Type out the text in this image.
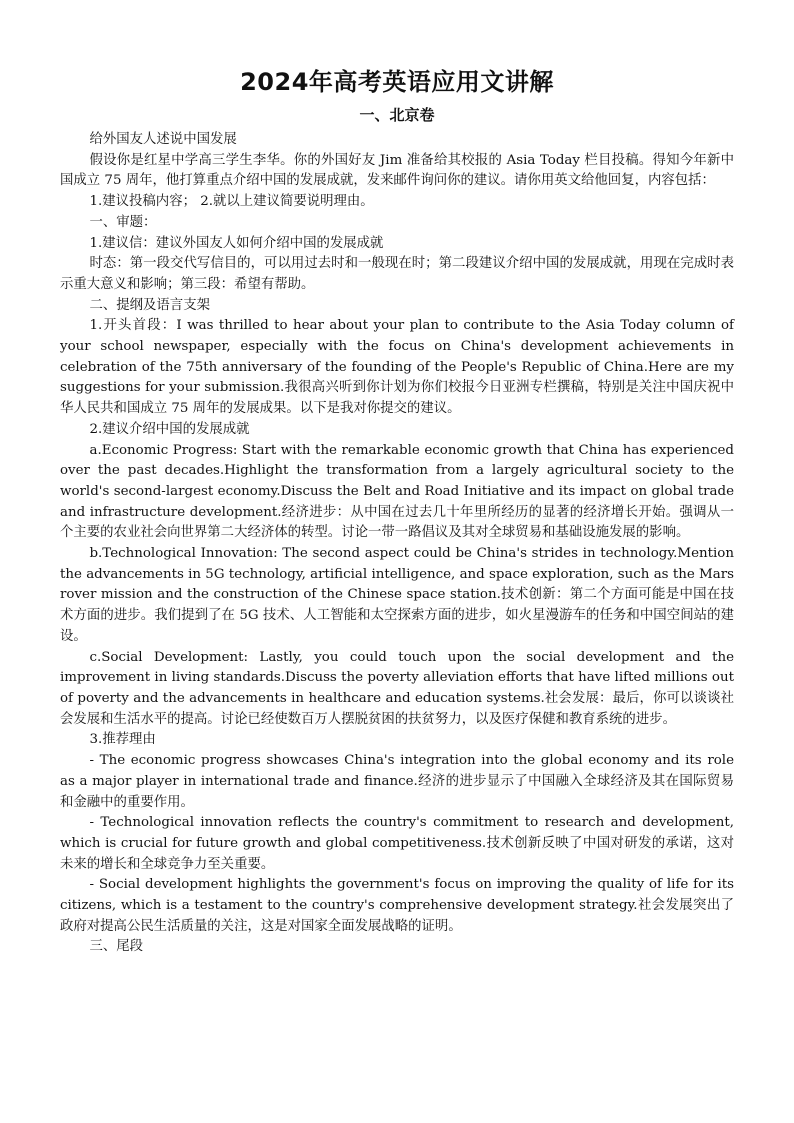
2024年高考英语应用文讲解
一、北京卷

给外国友人述说中国发展

假设你是红星中学高三学生李华。你的外国好友 Jim 准备给其校报的 Asia Today 栏目投稿。得知今年新中国成立 75 周年，他打算重点介绍中国的发展成就，发来邮件询问你的建议。请你用英文给他回复，内容包括：

1.建议投稿内容； 2.就以上建议简要说明理由。

一、审题：

1.建议信：建议外国友人如何介绍中国的发展成就

时态：第一段交代写信目的，可以用过去时和一般现在时；第二段建议介绍中国的发展成就，用现在完成时表示重大意义和影响；第三段：希望有帮助。

二、提纲及语言支架

1.开头首段：I was thrilled to hear about your plan to contribute to the Asia Today column of your school newspaper, especially with the focus on China's development achievements in celebration of the 75th anniversary of the founding of the People's Republic of China.Here are my suggestions for your submission.我很高兴听到你计划为你们校报今日亚洲专栏撰稿，特别是关注中国庆祝中华人民共和国成立 75 周年的发展成果。以下是我对你提交的建议。

2.建议介绍中国的发展成就

a.Economic Progress: Start with the remarkable economic growth that China has experienced over the past decades.Highlight the transformation from a largely agricultural society to the world's second-largest economy.Discuss the Belt and Road Initiative and its impact on global trade and infrastructure development.经济进步：从中国在过去几十年里所经历的显著的经济增长开始。强调从一个主要的农业社会向世界第二大经济体的转型。讨论一带一路倡议及其对全球贸易和基础设施发展的影响。

b.Technological Innovation: The second aspect could be China's strides in technology.Mention the advancements in 5G technology, artificial intelligence, and space exploration, such as the Mars rover mission and the construction of the Chinese space station.技术创新：第二个方面可能是中国在技术方面的进步。我们提到了在 5G 技术、人工智能和太空探索方面的进步，如火星漫游车的任务和中国空间站的建设。

c.Social Development: Lastly, you could touch upon the social development and the improvement in living standards.Discuss the poverty alleviation efforts that have lifted millions out of poverty and the advancements in healthcare and education systems.社会发展：最后，你可以谈谈社会发展和生活水平的提高。讨论已经使数百万人摆脱贫困的扶贫努力，以及医疗保健和教育系统的进步。

3.推荐理由

- The economic progress showcases China's integration into the global economy and its role as a major player in international trade and finance.经济的进步显示了中国融入全球经济及其在国际贸易和金融中的重要作用。

- Technological innovation reflects the country's commitment to research and development, which is crucial for future growth and global competitiveness.技术创新反映了中国对研发的承诺，这对未来的增长和全球竞争力至关重要。

- Social development highlights the government's focus on improving the quality of life for its citizens, which is a testament to the country's comprehensive development strategy.社会发展突出了政府对提高公民生活质量的关注，这是对国家全面发展战略的证明。

三、尾段
